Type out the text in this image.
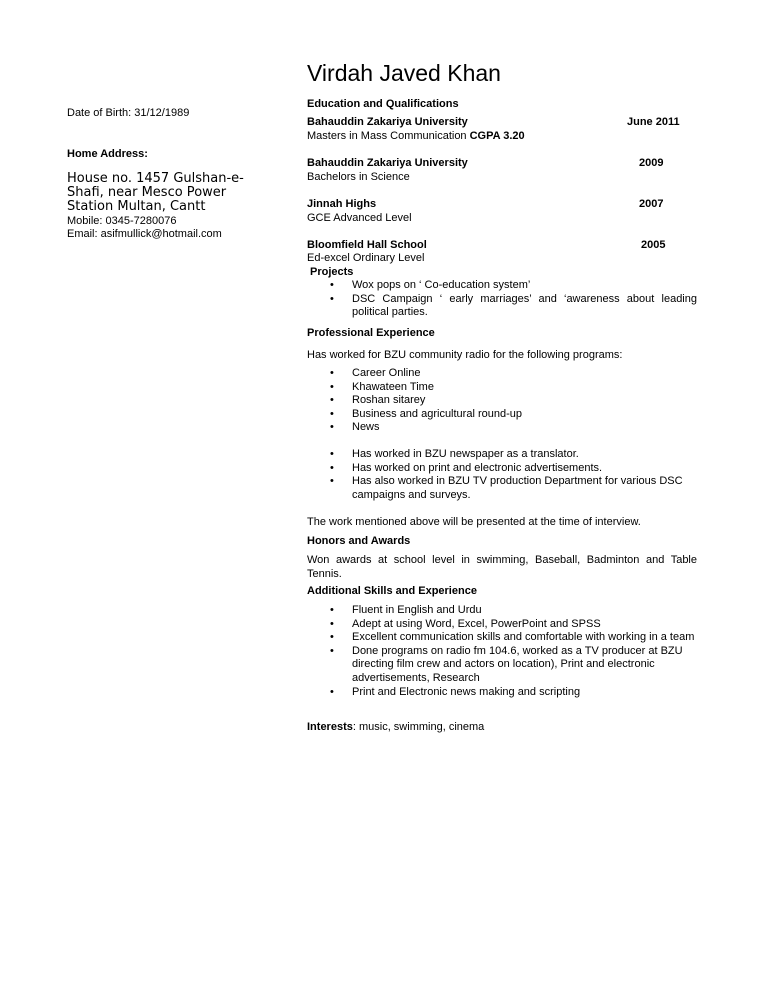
Virdah Javed Khan
Date of Birth: 31/12/1989
Home Address:
House no. 1457 Gulshan-e-Shafi, near Mesco Power Station Multan, Cantt
Mobile: 0345-7280076
Email: asifmullick@hotmail.com
Education and Qualifications
Bahauddin Zakariya University	June 2011
Masters in Mass Communication CGPA 3.20
Bahauddin Zakariya University	2009
Bachelors in Science
Jinnah Highs	2007
GCE Advanced Level
Bloomfield Hall School	2005
Ed-excel Ordinary Level
Projects
• Wox pops on ‘ Co-education system’
• DSC Campaign ‘ early marriages’ and ‘awareness about leading political parties.
Professional Experience
Has worked for BZU community radio for the following programs:
• Career Online
• Khawateen Time
• Roshan sitarey
• Business and agricultural round-up
• News
• Has worked in BZU newspaper as a translator.
• Has worked on print and electronic advertisements.
• Has also worked in BZU TV production Department for various DSC campaigns and surveys.
The work mentioned above will be presented at the time of interview.
Honors and Awards
Won awards at school level in swimming, Baseball, Badminton and Table Tennis.
Additional Skills and Experience
• Fluent in English and Urdu
• Adept at using Word, Excel, PowerPoint and SPSS
• Excellent communication skills and comfortable with working in a team
• Done programs on radio fm 104.6, worked as a TV producer at BZU directing film crew and actors on location), Print and electronic advertisements, Research
• Print and Electronic news making and scripting
Interests: music, swimming, cinema
